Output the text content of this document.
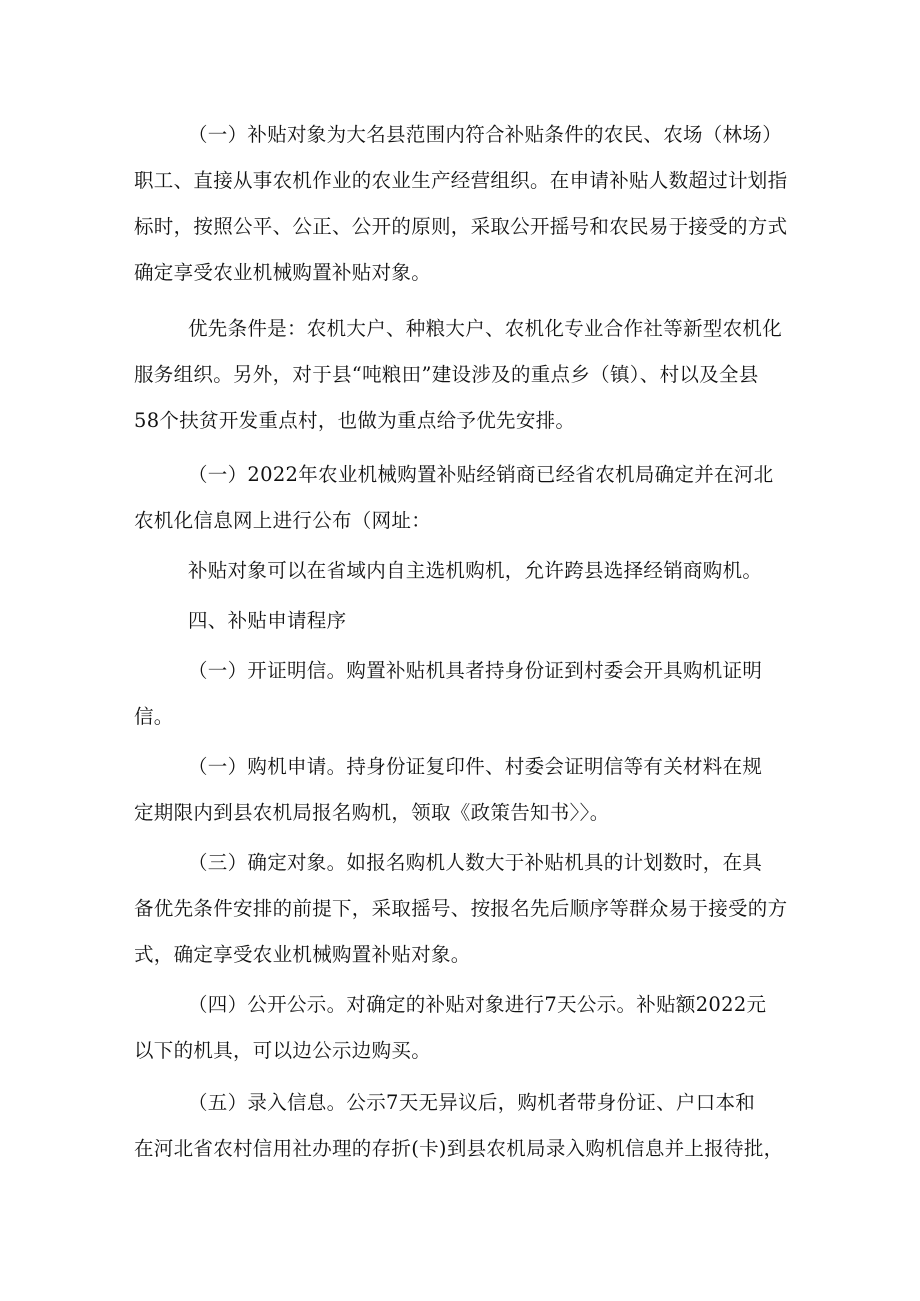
（一）补贴对象为大名县范围内符合补贴条件的农民、农场（林场）
职工、直接从事农机作业的农业生产经营组织。在申请补贴人数超过计划指
标时，按照公平、公正、公开的原则，采取公开摇号和农民易于接受的方式
确定享受农业机械购置补贴对象。

优先条件是：农机大户、种粮大户、农机化专业合作社等新型农机化
服务组织。另外，对于县“吨粮田”建设涉及的重点乡（镇）、村以及全县
58个扶贫开发重点村，也做为重点给予优先安排。

（一）2022年农业机械购置补贴经销商已经省农机局确定并在河北
农机化信息网上进行公布（网址：

补贴对象可以在省域内自主选机购机，允许跨县选择经销商购机。

四、补贴申请程序

（一）开证明信。购置补贴机具者持身份证到村委会开具购机证明
信。

（一）购机申请。持身份证复印件、村委会证明信等有关材料在规
定期限内到县农机局报名购机，领取《政策告知书〉〉。

（三）确定对象。如报名购机人数大于补贴机具的计划数时，在具
备优先条件安排的前提下，采取摇号、按报名先后顺序等群众易于接受的方
式，确定享受农业机械购置补贴对象。

（四）公开公示。对确定的补贴对象进行7天公示。补贴额2022元
以下的机具，可以边公示边购买。

（五）录入信息。公示7天无异议后，购机者带身份证、户口本和
在河北省农村信用社办理的存折(卡)到县农机局录入购机信息并上报待批，
